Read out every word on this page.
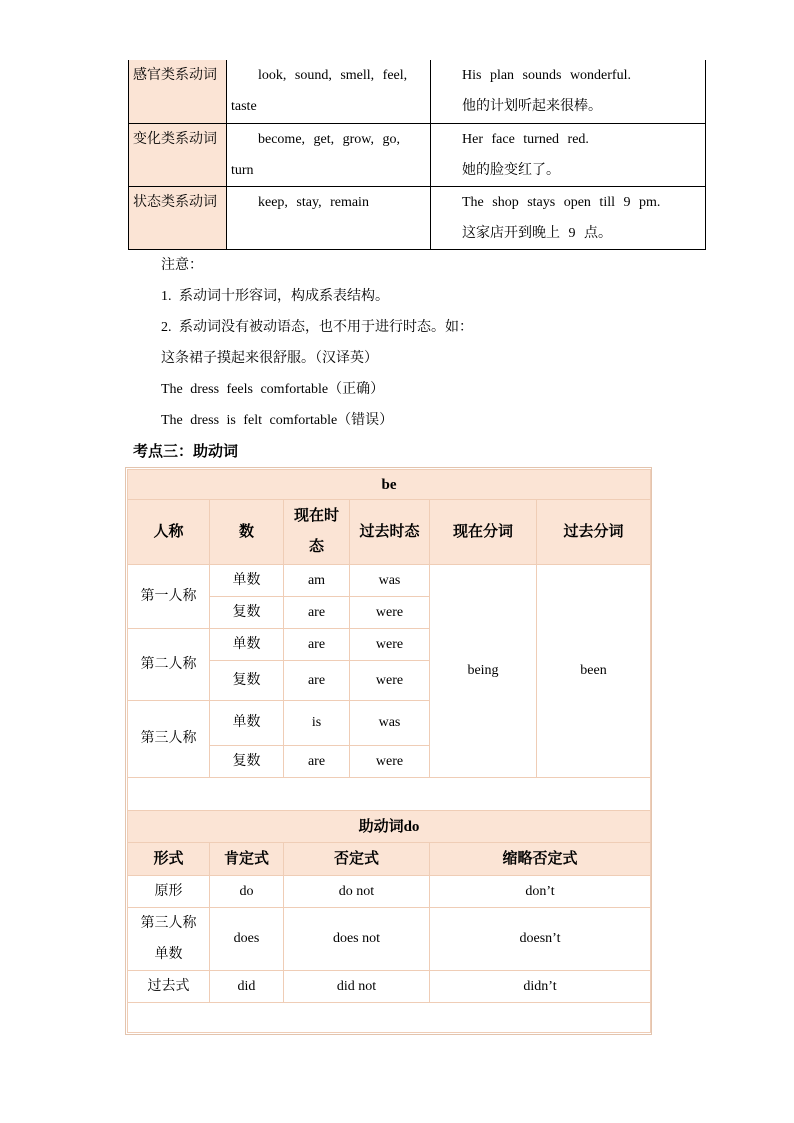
感官类系动词	look, sound, smell, feel, taste	His plan sounds wonderful.

他的计划听起来很棒。

变化类系动词	become, get, grow, go, turn	Her face turned red.

她的脸变红了。

状态类系动词	keep, stay, remain	The shop stays open till 9 pm.

这家店开到晚上 9 点。

注意：
1. 系动词十形容词，构成系表结构。
2. 系动词没有被动语态，也不用于进行时态。如：
这条裙子摸起来很舒服。（汉译英）
The dress feels comfortable（正确）
The dress is felt comfortable（错误）
考点三：助动词
be					
人称	数	现在时态	过去时态	现在分词	过去分词
第一人称	单数	am	was	being	been
	复数	are	were		
第二人称	单数	are	were		
	复数	are	were		
第三人称	单数	is	was		
	复数	are	were		

助动词do					
形式	肯定式	否定式		缩略否定式	
原形	do	do not		don’t	
第三人称单数	does	does not		doesn’t	
过去式	did	did not		didn’t	
